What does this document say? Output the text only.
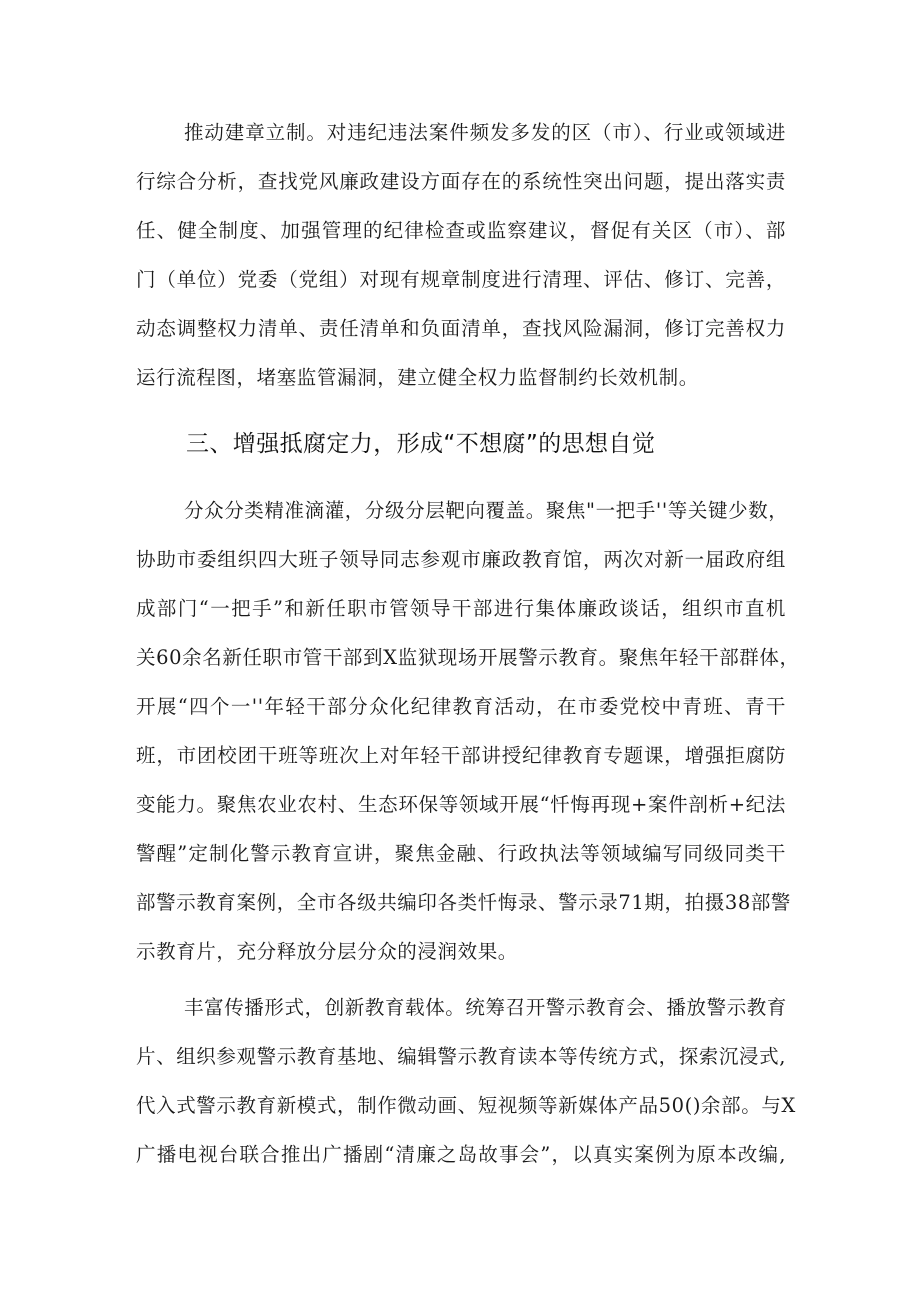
推动建章立制。对违纪违法案件频发多发的区（市）、行业或领域进
行综合分析，查找党风廉政建设方面存在的系统性突出问题，提出落实责
任、健全制度、加强管理的纪律检查或监察建议，督促有关区（市）、部
门（单位）党委（党组）对现有规章制度进行清理、评估、修订、完善，
动态调整权力清单、责任清单和负面清单，查找风险漏洞，修订完善权力
运行流程图，堵塞监管漏洞，建立健全权力监督制约长效机制。
三、增强抵腐定力，形成“不想腐”的思想自觉
分众分类精准滴灌，分级分层靶向覆盖。聚焦"一把手''等关键少数，
协助市委组织四大班子领导同志参观市廉政教育馆，两次对新一届政府组
成部门“一把手”和新任职市管领导干部进行集体廉政谈话，组织市直机
关60余名新任职市管干部到X监狱现场开展警示教育。聚焦年轻干部群体，
开展“四个一''年轻干部分众化纪律教育活动，在市委党校中青班、青干
班，市团校团干班等班次上对年轻干部讲授纪律教育专题课，增强拒腐防
变能力。聚焦农业农村、生态环保等领域开展“忏悔再现+案件剖析+纪法
警醒”定制化警示教育宣讲，聚焦金融、行政执法等领域编写同级同类干
部警示教育案例，全市各级共编印各类忏悔录、警示录71期，拍摄38部警
示教育片，充分释放分层分众的浸润效果。
丰富传播形式，创新教育载体。统筹召开警示教育会、播放警示教育
片、组织参观警示教育基地、编辑警示教育读本等传统方式，探索沉浸式,
代入式警示教育新模式，制作微动画、短视频等新媒体产品50()余部。与X
广播电视台联合推出广播剧“清廉之岛故事会”，以真实案例为原本改编,
